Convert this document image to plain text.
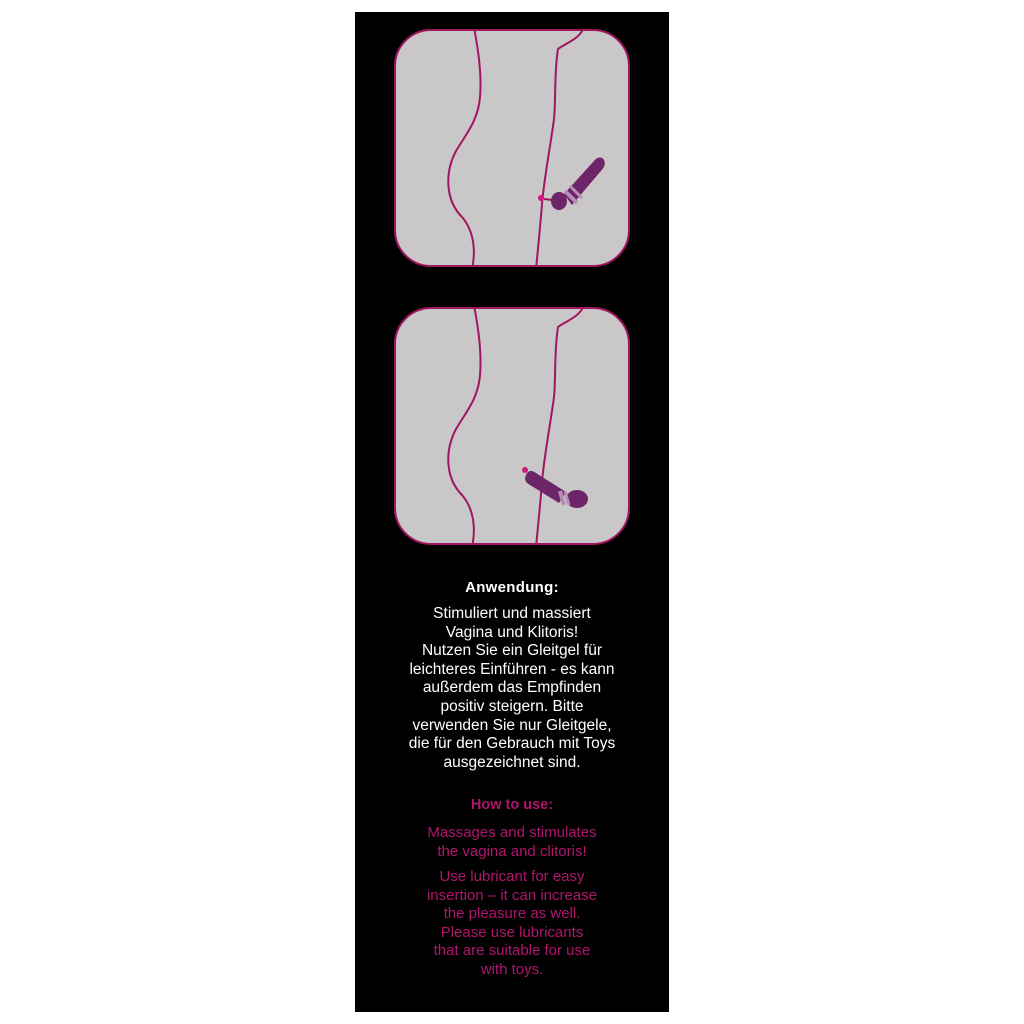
Anwendung:
Stimuliert und massiert
Vagina und Klitoris!
Nutzen Sie ein Gleitgel für
leichteres Einführen - es kann
außerdem das Empfinden
positiv steigern. Bitte
verwenden Sie nur Gleitgele,
die für den Gebrauch mit Toys
ausgezeichnet sind.
How to use:
Massages and stimulates
the vagina and clitoris!
Use lubricant for easy
insertion – it can increase
the pleasure as well.
Please use lubricants
that are suitable for use
with toys.
